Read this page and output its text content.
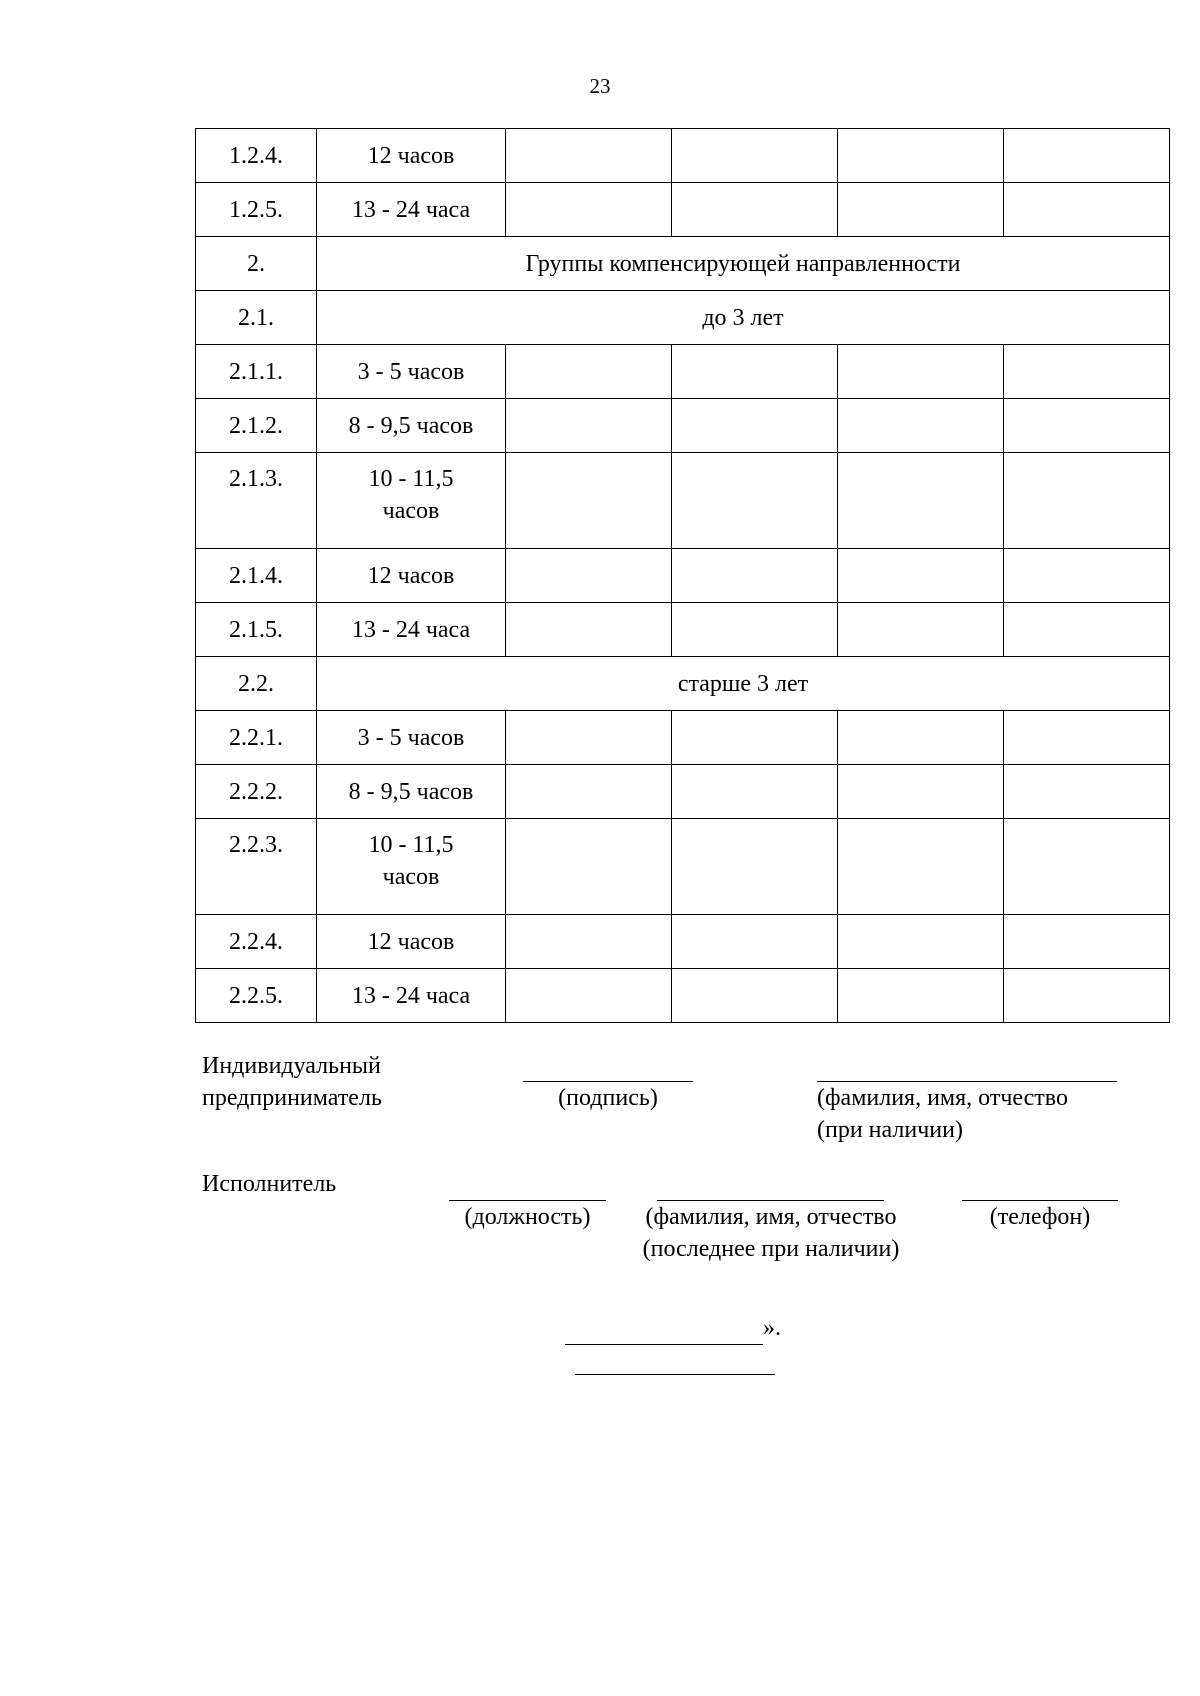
23
1.2.4.	12 часов				
1.2.5.	13 - 24 часа				
2.	Группы компенсирующей направленности				
2.1.	до 3 лет				
2.1.1.	3 - 5 часов				
2.1.2.	8 - 9,5 часов				
2.1.3.	10 - 11,5
часов				

2.1.4.	12 часов				
2.1.5.	13 - 24 часа				
2.2.	старше 3 лет				
2.2.1.	3 - 5 часов				
2.2.2.	8 - 9,5 часов				
2.2.3.	10 - 11,5
часов				

2.2.4.	12 часов				
2.2.5.	13 - 24 часа				
Индивидуальный
предприниматель	(подпись)	(фамилия, имя, отчество
(при наличии)
Исполнитель
(должность)	(фамилия, имя, отчество
(последнее при наличии)
(телефон)
».
